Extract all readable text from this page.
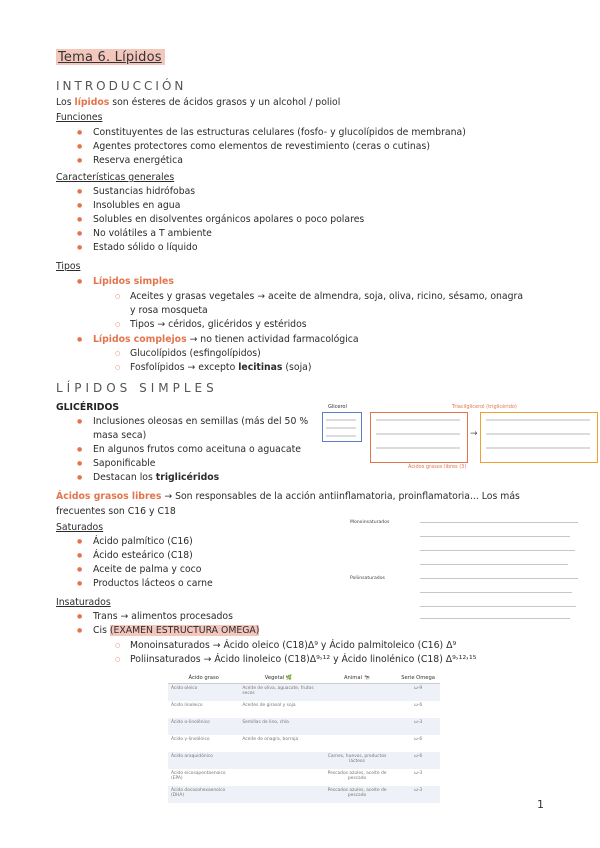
Tema 6. Lípidos
INTRODUCCIÓN
Los lípidos son ésteres de ácidos grasos y un alcohol / poliol
Funciones
● Constituyentes de las estructuras celulares (fosfo- y glucolípidos de membrana)
● Agentes protectores como elementos de revestimiento (ceras o cutinas)
● Reserva energética
Características generales
● Sustancias hidrófobas
● Insolubles en agua
● Solubles en disolventes orgánicos apolares o poco polares
● No volátiles a T ambiente
● Estado sólido o líquido
Tipos
● Lípidos simples
○ Aceites y grasas vegetales → aceite de almendra, soja, oliva, ricino, sésamo, onagra
y rosa mosqueta
○ Tipos → céridos, glicéridos y estéridos
● Lípidos complejos → no tienen actividad farmacológica
○ Glucolípidos (esfingolípidos)
○ Fosfolípidos → excepto lecitinas (soja)
LÍPIDOS SIMPLES
GLICÉRIDOS
● Inclusiones oleosas en semillas (más del 50 %
masa seca)
● En algunos frutos como aceituna o aguacate
● Saponificable
● Destacan los triglicéridos
Glicerol
Ácidos grasos libres (3)
→
Triacilglicerol (triglicérido)
Ácidos grasos libres → Son responsables de la acción antiinflamatoria, proinflamatoria... Los más
frecuentes son C16 y C18
Saturados
● Ácido palmítico (C16)
● Ácido esteárico (C18)
● Aceite de palma y coco
● Productos lácteos o carne
Monoinsaturados
Poliinsaturados
Insaturados
● Trans → alimentos procesados
● Cis (EXAMEN ESTRUCTURA OMEGA)
○ Monoinsaturados → Ácido oleico (C18)Δ⁹ y Ácido palmitoleico (C16) Δ⁹
○ Poliinsaturados → Ácido linoleico (C18)Δ⁹˒¹² y Ácido linolénico (C18) Δ⁹˒¹²˒¹⁵
Ácido graso	Vegetal 🌿	Animal 🐄	Serie Omega
Ácido oleico	Aceite de oliva, aguacate, frutos secos		ω-9
Ácido linoleico	Aceites de girasol y soja		ω-6
Ácido α-linolénico	Semillas de lino, chía		ω-3
Ácido γ-linolénico	Aceite de onagra, borraja		ω-6
Ácido araquidónico		Carnes, huevos, productos lácteos	ω-6
Ácido eicosapentaenoico (EPA)		Pescados azules, aceite de pescado	ω-3
Ácido docosahexaenoico (DHA)		Pescados azules, aceite de pescado	ω-3
1
